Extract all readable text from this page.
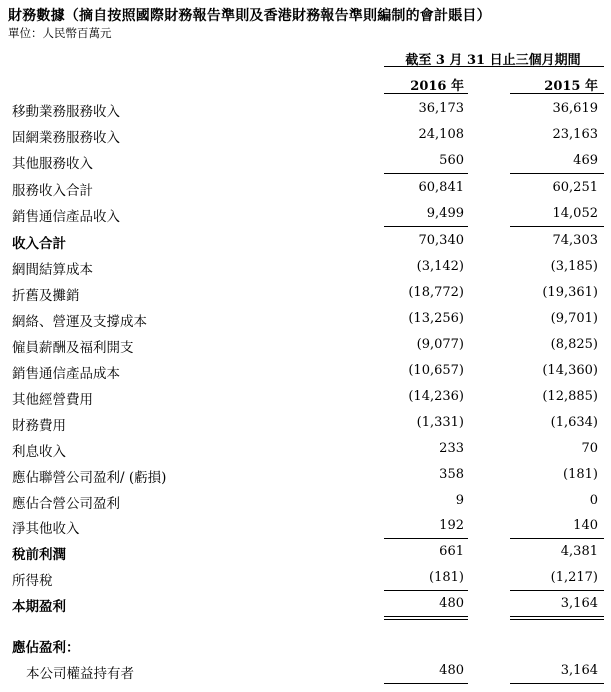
財務數據（摘自按照國際財務報告準則及香港財務報告準則編制的會計賬目）
單位：人民幣百萬元
截至 3 月 31 日止三個月期間
2016 年	2015 年
移動業務服務收入	36,173	36,619
固網業務服務收入	24,108	23,163
其他服務收入	560	469
服務收入合計	60,841	60,251
銷售通信產品收入	9,499	14,052
收入合計	70,340	74,303
網間結算成本	(3,142)	(3,185)
折舊及攤銷	(18,772)	(19,361)
網絡、營運及支撐成本	(13,256)	(9,701)
僱員薪酬及福利開支	(9,077)	(8,825)
銷售通信產品成本	(10,657)	(14,360)
其他經營費用	(14,236)	(12,885)
財務費用	(1,331)	(1,634)
利息收入	233	70
應佔聯營公司盈利/ (虧損)	358	(181)
應佔合營公司盈利	9	0
淨其他收入	192	140
稅前利潤	661	4,381
所得稅	(181)	(1,217)
本期盈利	480	3,164
應佔盈利：
本公司權益持有者	480	3,164
